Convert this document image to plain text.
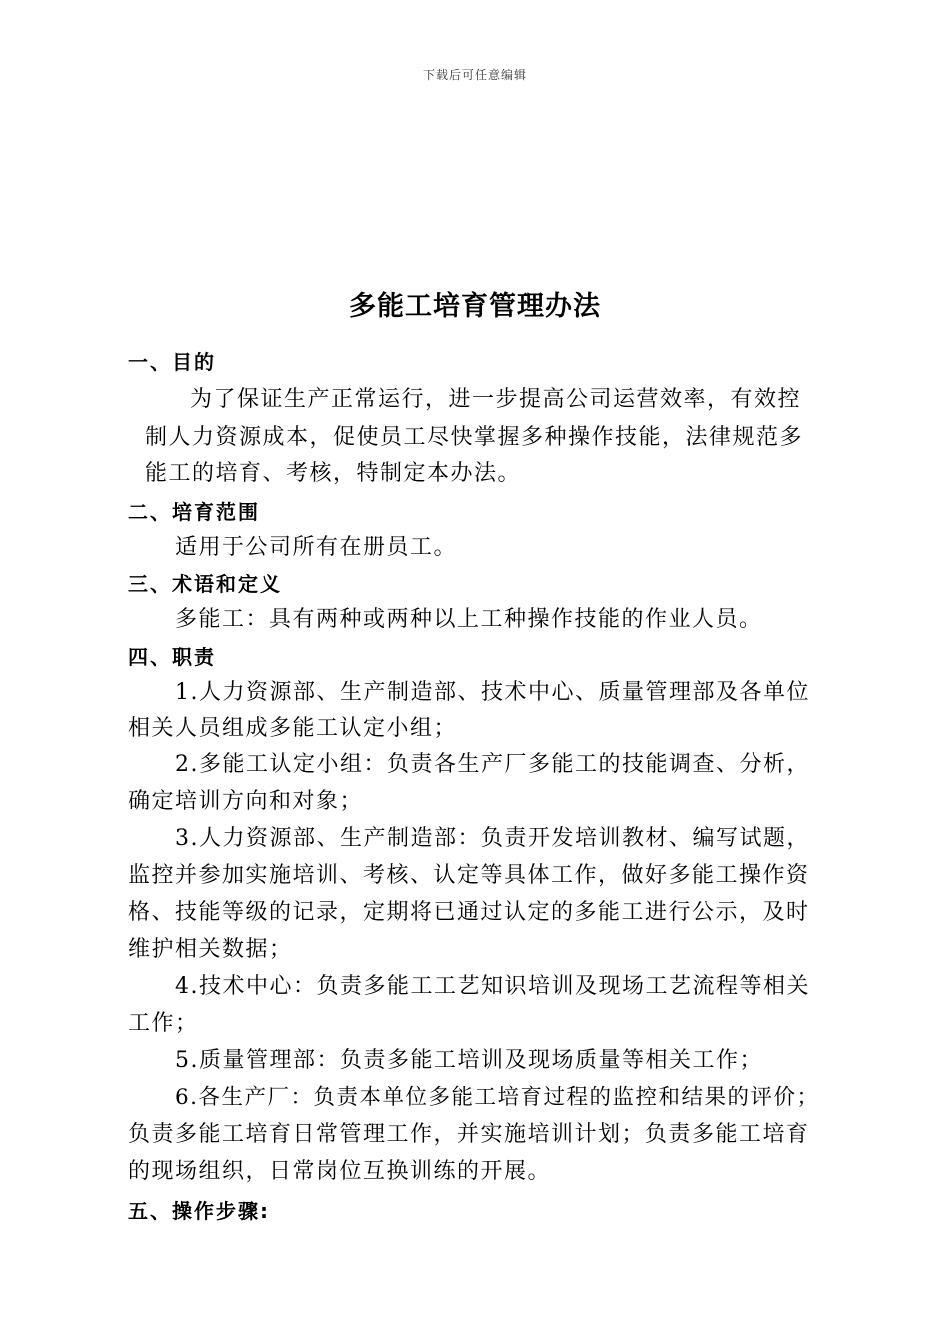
下载后可任意编辑
多能工培育管理办法
一、目的
为了保证生产正常运行，进一步提高公司运营效率，有效控
制人力资源成本，促使员工尽快掌握多种操作技能，法律规范多
能工的培育、考核，特制定本办法。
二、培育范围
适用于公司所有在册员工。
三、术语和定义
多能工：具有两种或两种以上工种操作技能的作业人员。
四、职责
1.人力资源部、生产制造部、技术中心、质量管理部及各单位
相关人员组成多能工认定小组；
2.多能工认定小组：负责各生产厂多能工的技能调查、分析，
确定培训方向和对象；
3.人力资源部、生产制造部：负责开发培训教材、编写试题，
监控并参加实施培训、考核、认定等具体工作，做好多能工操作资
格、技能等级的记录，定期将已通过认定的多能工进行公示，及时
维护相关数据；
4.技术中心：负责多能工工艺知识培训及现场工艺流程等相关
工作；
5.质量管理部：负责多能工培训及现场质量等相关工作；
6.各生产厂：负责本单位多能工培育过程的监控和结果的评价；
负责多能工培育日常管理工作，并实施培训计划；负责多能工培育
的现场组织，日常岗位互换训练的开展。
五、操作步骤:
